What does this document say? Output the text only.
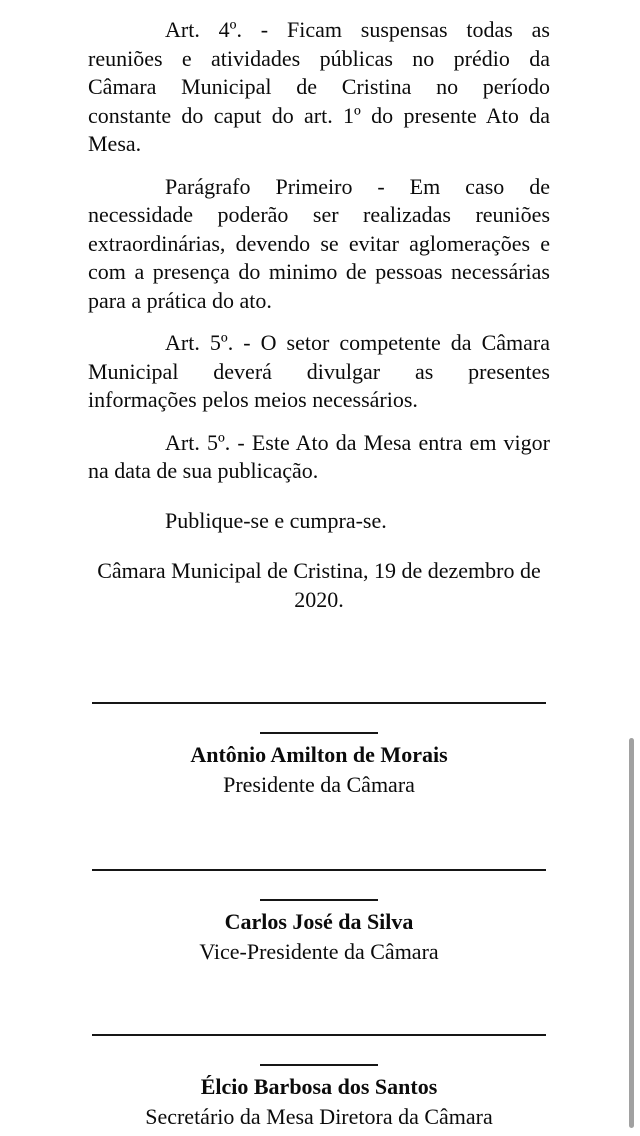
Art. 4º. - Ficam suspensas todas as
reuniões e atividades públicas no prédio da
Câmara Municipal de Cristina no período
constante do caput do art. 1º do presente Ato da
Mesa.
Parágrafo Primeiro - Em caso de
necessidade poderão ser realizadas reuniões
extraordinárias, devendo se evitar aglomerações e
com a presença do minimo de pessoas necessárias
para a prática do ato.
Art. 5º. - O setor competente da Câmara
Municipal deverá divulgar as presentes
informações pelos meios necessários.
Art. 5º. - Este Ato da Mesa entra em vigor
na data de sua publicação.
Publique-se e cumpra-se.
Câmara Municipal de Cristina, 19 de dezembro de
2020.
Antônio Amilton de Morais
Presidente da Câmara
Carlos José da Silva
Vice-Presidente da Câmara
Élcio Barbosa dos Santos
Secretário da Mesa Diretora da Câmara
